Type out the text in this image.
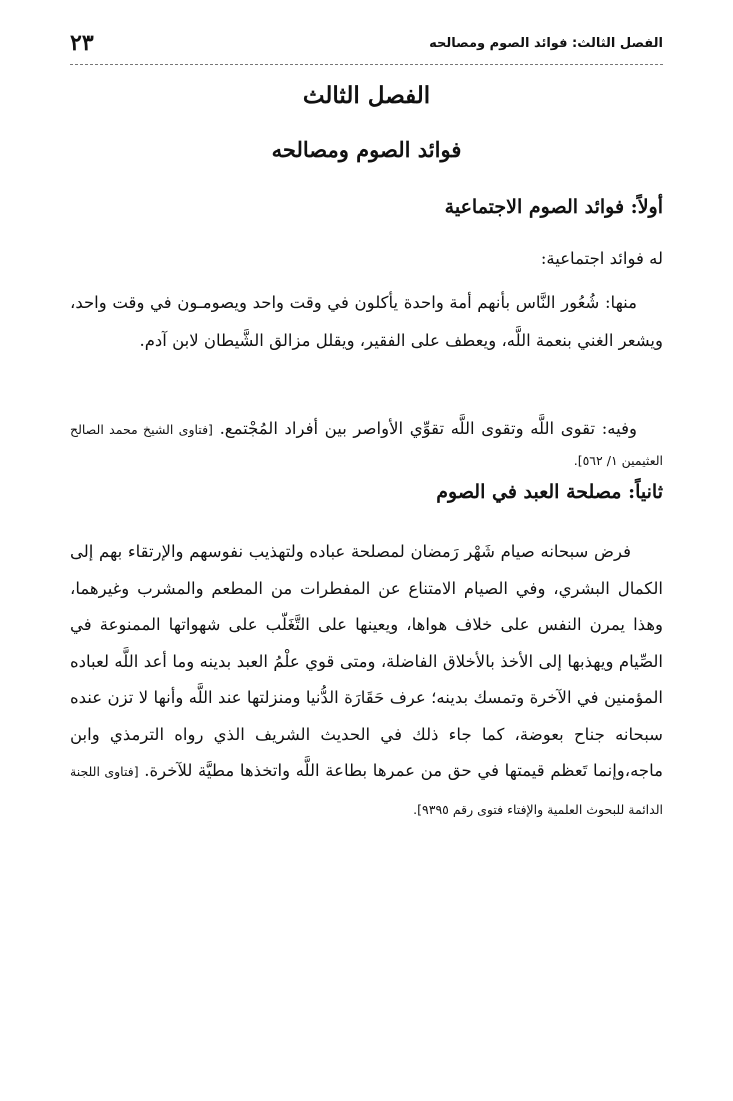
الفصل الثالث: فوائد الصوم ومصالحه
٢٣
الفصل الثالث
فوائد الصوم ومصالحه
أولاً: فوائد الصوم الاجتماعية
له فوائد اجتماعية:
منها: شُعُور النَّاس بأنهم أمة واحدة يأكلون في وقت واحد ويصومـون في وقت واحد، ويشعر الغني بنعمة اللَّه، ويعطف على الفقير، ويقلل مزالق الشَّيطان لابن آدم.
وفيه: تقوى اللَّه وتقوى اللَّه تقوِّي الأواصر بين أفراد المُجْتمع. [فتاوى الشيخ محمد الصالح العثيمين ١/ ٥٦٢].
ثانياً: مصلحة العبد في الصوم
فرض سبحانه صيام شَهْر رَمضان لمصلحة عباده ولتهذيب نفوسهم والإرتقاء بهم إلى الكمال البشري، وفي الصيام الامتناع عن المفطرات من المطعم والمشرب وغيرهما، وهذا يمرن النفس على خلاف هواها، ويعينها على التَّغَلّب على شهواتها الممنوعة في الصِّيام ويهذبها إلى الأخذ بالأخلاق الفاضلة، ومتى قوي علْمُ العبد بدينه وما أعد اللَّه لعباده المؤمنين في الآخرة وتمسك بدينه؛ عرف حَقَارَة الدُّنيا ومنزلتها عند اللَّه وأنها لا تزن عنده سبحانه جناح بعوضة، كما جاء ذلك في الحديث الشريف الذي رواه الترمذي وابن ماجه،وإنما تَعظم قيمتها في حق من عمرها بطاعة اللَّه واتخذها مطيَّة للآخرة. [فتاوى اللجنة الدائمة للبحوث العلمية والإفتاء فتوى رقم ٩٣٩٥].
